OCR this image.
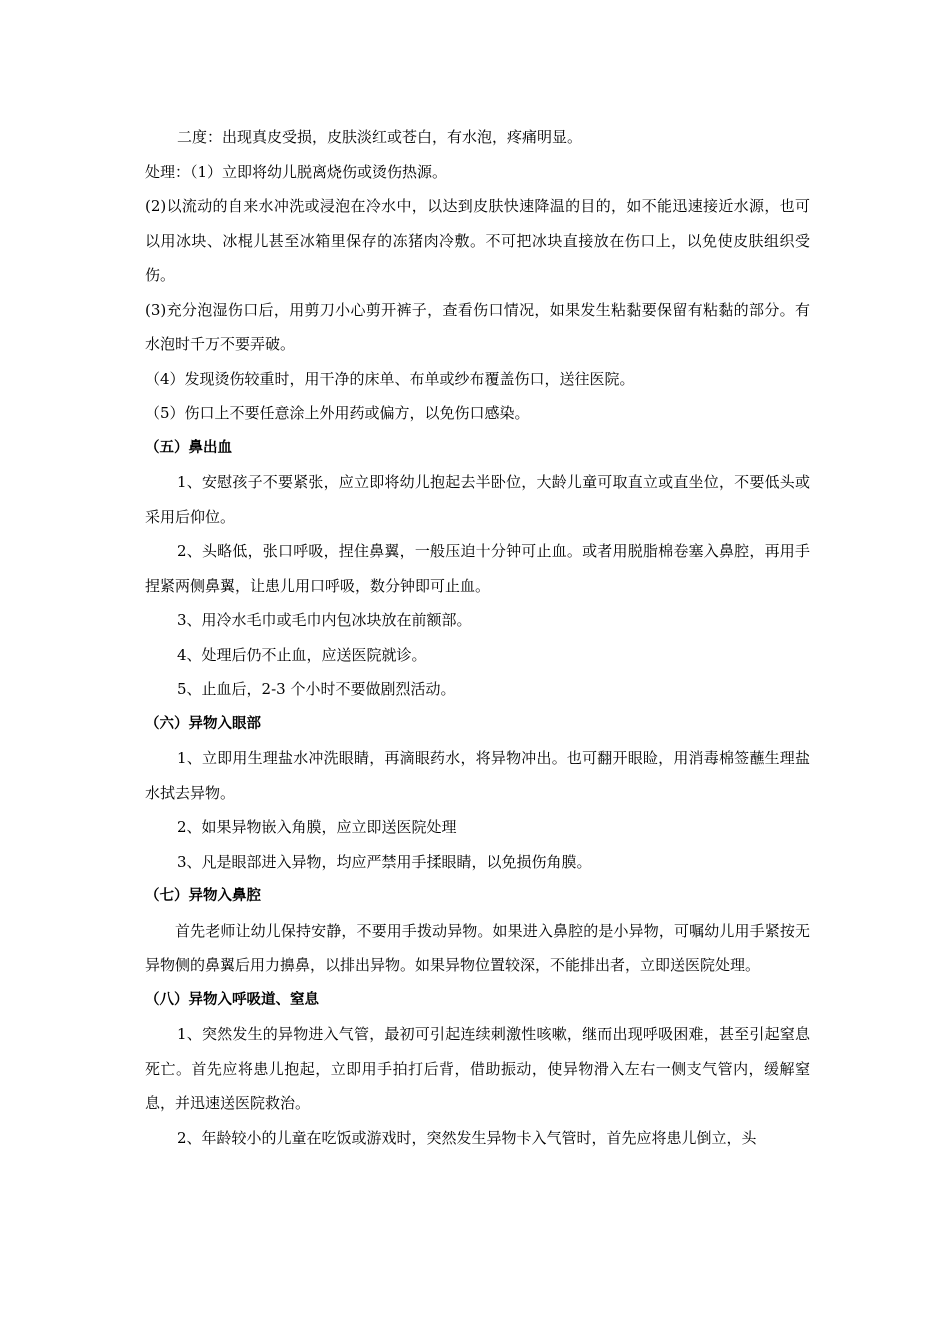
二度：出现真皮受损，皮肤淡红或苍白，有水泡，疼痛明显。

处理：（1）立即将幼儿脱离烧伤或烫伤热源。

(2)以流动的自来水冲洗或浸泡在冷水中，以达到皮肤快速降温的目的，如不能迅速接近水源，也可以用冰块、冰棍儿甚至冰箱里保存的冻猪肉冷敷。不可把冰块直接放在伤口上，以免使皮肤组织受伤。

(3)充分泡湿伤口后，用剪刀小心剪开裤子，查看伤口情况，如果发生粘黏要保留有粘黏的部分。有水泡时千万不要弄破。

（4）发现烫伤较重时，用干净的床单、布单或纱布覆盖伤口，送往医院。

（5）伤口上不要任意涂上外用药或偏方，以免伤口感染。

（五）鼻出血

1、安慰孩子不要紧张，应立即将幼儿抱起去半卧位，大龄儿童可取直立或直坐位，不要低头或采用后仰位。

2、头略低，张口呼吸，捏住鼻翼，一般压迫十分钟可止血。或者用脱脂棉卷塞入鼻腔，再用手捏紧两侧鼻翼，让患儿用口呼吸，数分钟即可止血。

3、用冷水毛巾或毛巾内包冰块放在前额部。

4、处理后仍不止血，应送医院就诊。

5、止血后，2-3 个小时不要做剧烈活动。

（六）异物入眼部

1、立即用生理盐水冲洗眼睛，再滴眼药水，将异物冲出。也可翻开眼睑，用消毒棉签蘸生理盐水拭去异物。

2、如果异物嵌入角膜，应立即送医院处理

3、凡是眼部进入异物，均应严禁用手揉眼睛，以免损伤角膜。

（七）异物入鼻腔

首先老师让幼儿保持安静，不要用手拨动异物。如果进入鼻腔的是小异物，可嘱幼儿用手紧按无异物侧的鼻翼后用力擤鼻，以排出异物。如果异物位置较深，不能排出者，立即送医院处理。

（八）异物入呼吸道、窒息

1、突然发生的异物进入气管，最初可引起连续刺激性咳嗽，继而出现呼吸困难，甚至引起窒息死亡。首先应将患儿抱起，立即用手拍打后背，借助振动，使异物滑入左右一侧支气管内，缓解窒息，并迅速送医院救治。

2、年龄较小的儿童在吃饭或游戏时，突然发生异物卡入气管时，首先应将患儿倒立，头
